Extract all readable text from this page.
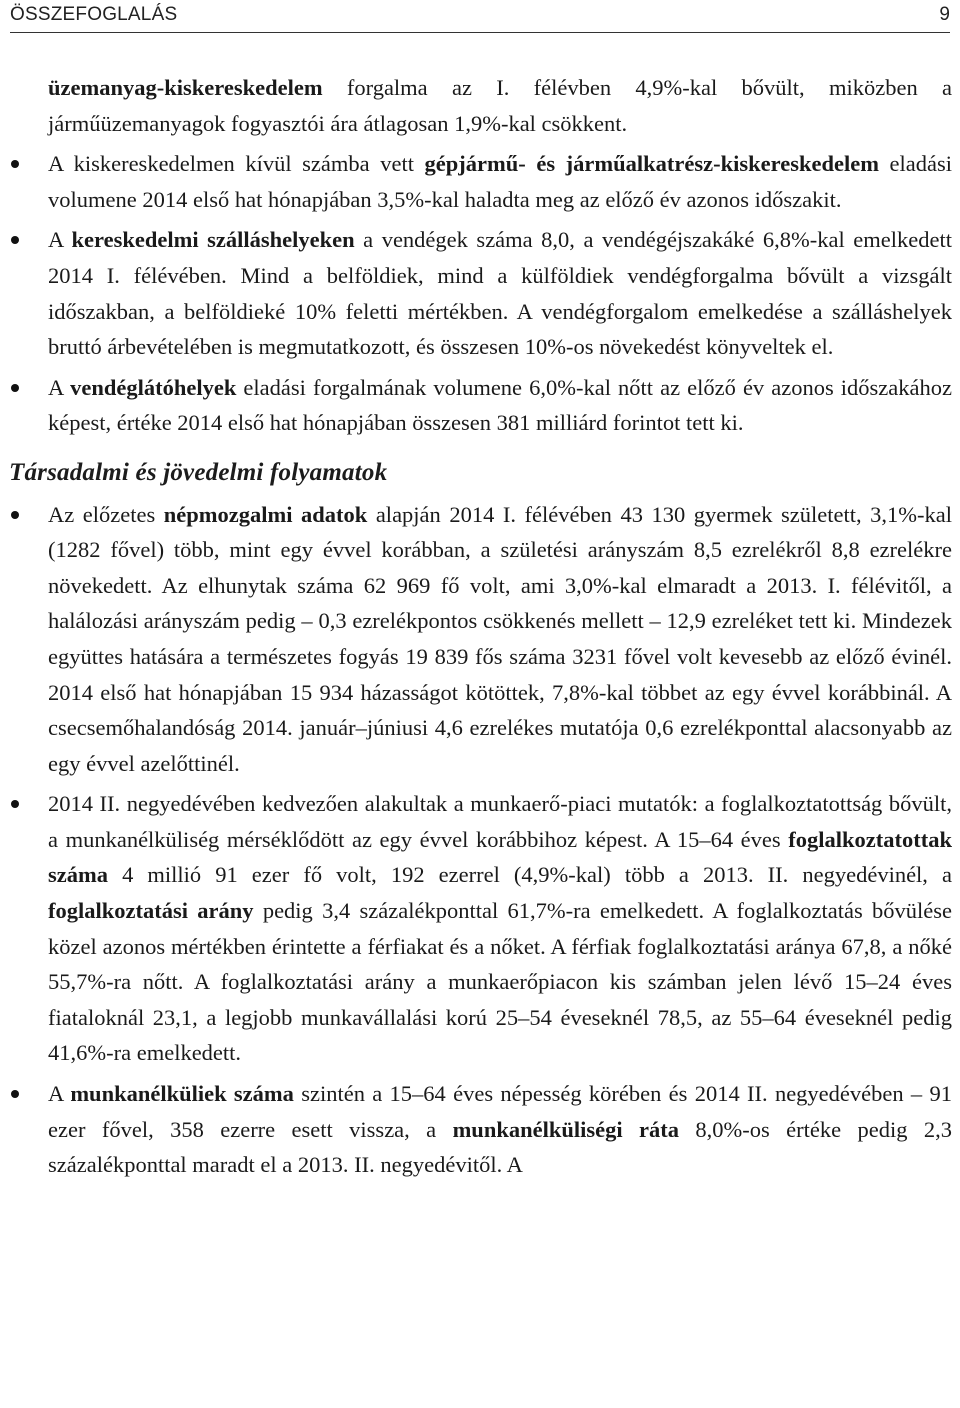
ÖSSZEFOGLALÁS	9

üzemanyag-kiskereskedelem forgalma az I. félévben 4,9%-kal bővült, miközben a járműüzemanyagok fogyasztói ára átlagosan 1,9%-kal csökkent.

A kiskereskedelmen kívül számba vett gépjármű- és járműalkatrész-kiskereskedelem eladási volumene 2014 első hat hónapjában 3,5%-kal haladta meg az előző év azonos időszakit.

A kereskedelmi szálláshelyeken a vendégek száma 8,0, a vendégéjszakáké 6,8%-kal emelkedett 2014 I. félévében. Mind a belföldiek, mind a külföldiek vendégforgalma bővült a vizsgált időszakban, a belföldieké 10% feletti mértékben. A vendégforgalom emelkedése a szálláshelyek bruttó árbevételében is megmutatkozott, és összesen 10%-os növekedést könyveltek el.

A vendéglátóhelyek eladási forgalmának volumene 6,0%-kal nőtt az előző év azonos időszakához képest, értéke 2014 első hat hónapjában összesen 381 milliárd forintot tett ki.

Társadalmi és jövedelmi folyamatok

Az előzetes népmozgalmi adatok alapján 2014 I. félévében 43 130 gyermek született, 3,1%-kal (1282 fővel) több, mint egy évvel korábban, a születési arányszám 8,5 ezrelékről 8,8 ezrelékre növekedett. Az elhunytak száma 62 969 fő volt, ami 3,0%-kal elmaradt a 2013. I. félévitől, a halálozási arányszám pedig – 0,3 ezrelékpontos csökkenés mellett – 12,9 ezreléket tett ki. Mindezek együttes hatására a természetes fogyás 19 839 fős száma 3231 fővel volt kevesebb az előző évinél. 2014 első hat hónapjában 15 934 házasságot kötöttek, 7,8%-kal többet az egy évvel korábbinál. A csecsemőhalandóság 2014. január–júniusi 4,6 ezrelékes mutatója 0,6 ezrelékponttal alacsonyabb az egy évvel azelőttinél.

2014 II. negyedévében kedvezően alakultak a munkaerő-piaci mutatók: a foglalkoztatottság bővült, a munkanélküliség mérséklődött az egy évvel korábbihoz képest. A 15–64 éves foglalkoztatottak száma 4 millió 91 ezer fő volt, 192 ezerrel (4,9%-kal) több a 2013. II. negyedévinél, a foglalkoztatási arány pedig 3,4 százalékponttal 61,7%-ra emelkedett. A foglalkoztatás bővülése közel azonos mértékben érintette a férfiakat és a nőket. A férfiak foglalkoztatási aránya 67,8, a nőké 55,7%-ra nőtt. A foglalkoztatási arány a munkaerőpiacon kis számban jelen lévő 15–24 éves fiataloknál 23,1, a legjobb munkavállalási korú 25–54 éveseknél 78,5, az 55–64 éveseknél pedig 41,6%-ra emelkedett.

A munkanélküliek száma szintén a 15–64 éves népesség körében és 2014 II. negyedévében – 91 ezer fővel, 358 ezerre esett vissza, a munkanélküliségi ráta 8,0%-os értéke pedig 2,3 százalékponttal maradt el a 2013. II. negyedévitől. A
